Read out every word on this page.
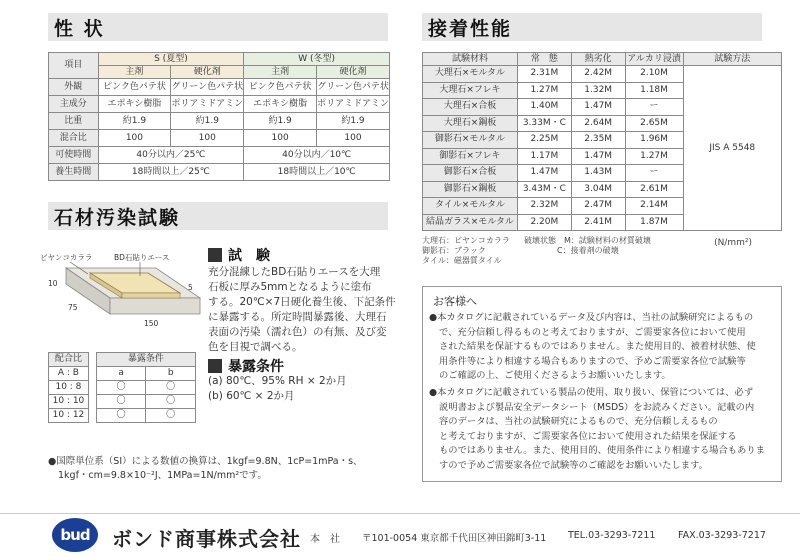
性 状
項目	S (夏型)		W (冬型)	
	主剤	硬化剤	主剤	硬化剤
外観	ピンク色パテ状	グリーン色パテ状	ピンク色パテ状	グリーン色パテ状
主成分	エポキシ樹脂	ポリアミドアミン	エポキシ樹脂	ポリアミドアミン
比重	約1.9	約1.9	約1.9	約1.9
混合比	100	100	100	100
可使時間	40分以内／25℃		40分以内／10℃	
養生時間	18時間以上／25℃		18時間以上／10℃	
石材汚染試験
ビヤンコカララ	BD石貼りエース
10	5
75
150
試　験
充分混練したBD石貼りエースを大理
石板に厚み5mmとなるように塗布
する。20℃×7日硬化養生後、下記条件
に暴露する。所定時間暴露後、大理石
表面の汚染（濡れ色）の有無、及び変
色を目視で調べる。
暴露条件
(a) 80℃、95% RH × 2か月
(b) 60℃ × 2か月
配合比		暴露条件	
A : B		a	b
10 : 8		〇	〇
10 : 10		〇	〇
10 : 12		〇	〇
●国際単位系（SI）による数値の換算は、1kgf=9.8N、1cP=1mPa・s、
1kgf・cm=9.8×10⁻²J、1MPa=1N/mm²です。
接着性能
試験材料	常　態	熱劣化	アルカリ浸漬	試験方法
大理石×モルタル	2.31M	2.42M	2.10M	JIS A 5548
大理石×フレキ	1.27M	1.32M	1.18M	
大理石×合板	1.40M	1.47M	ー	
大理石×鋼板	3.33M・C	2.64M	2.65M	
御影石×モルタル	2.25M	2.35M	1.96M	
御影石×フレキ	1.17M	1.47M	1.27M	
御影石×合板	1.47M	1.43M	ー	
御影石×鋼板	3.43M・C	3.04M	2.61M	
タイル×モルタル	2.32M	2.47M	2.14M	
結晶ガラス×モルタル	2.20M	2.41M	1.87M	
大理石：ビヤンコカララ
御影石：ブラック
タイル：磁器質タイル
破壊状態　M：試験材料の材質破壊
C：接着剤の破壊
(N/mm²)
お客様へ
●本カタログに記載されているデータ及び内容は、当社の試験研究によるもの
で、充分信頼し得るものと考えておりますが、ご需要家各位において使用
された結果を保証するものではありません。また使用目的、被着材状態、使
用条件等により相違する場合もありますので、予めご需要家各位で試験等
のご確認の上、ご使用くださるようお願いいたします。
●本カタログに記載されている製品の使用、取り扱い、保管については、必ず
説明書および製品安全データシート（MSDS）をお読みください。記載の内
容のデータは、当社の試験研究によるもので、充分信頼しえるもの
と考えておりますが、ご需要家各位において使用された結果を保証する
ものではありません。また、使用目的、使用条件により相違する場合もありま
すので予めご需要家各位で試験等のご確認をお願いいたします。
bud ボンド商事株式会社 本　社 〒101-0054 東京都千代田区神田錦町3-11 TEL.03-3293-7211 FAX.03-3293-7217
